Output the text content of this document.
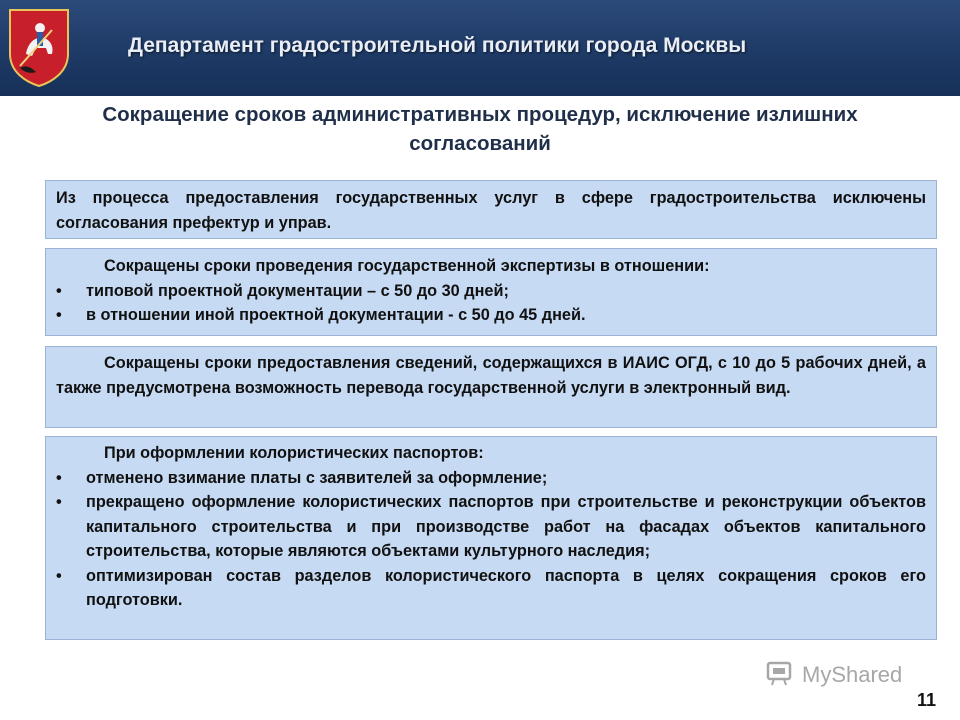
Департамент градостроительной политики города Москвы
Сокращение сроков административных процедур, исключение излишних
согласований
Из процесса предоставления государственных услуг в сфере градостроительства исключены согласования префектур и управ.
Сокращены сроки проведения государственной экспертизы в отношении:
• типовой проектной документации – с 50 до 30 дней;
• в отношении иной проектной документации - с 50 до 45 дней.
Сокращены сроки предоставления сведений, содержащихся в ИАИС ОГД, с 10 до 5 рабочих дней, а также предусмотрена возможность перевода государственной услуги в электронный вид.
При оформлении колористических паспортов:
• отменено взимание платы с заявителей за оформление;
• прекращено оформление колористических паспортов при строительстве и реконструкции объектов капитального строительства и при производстве работ на фасадах объектов капитального строительства, которые являются объектами культурного наследия;
• оптимизирован состав разделов колористического паспорта в целях сокращения сроков его подготовки.
MyShared
11
